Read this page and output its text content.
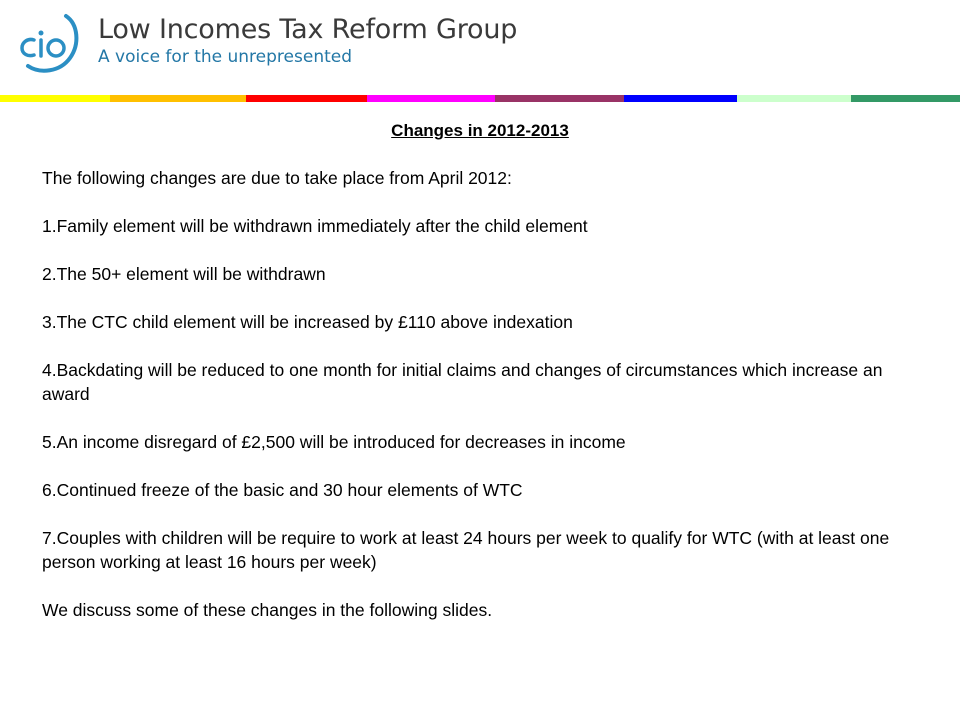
Low Incomes Tax Reform Group
A voice for the unrepresented
Changes in 2012-2013

The following changes are due to take place from April 2012:

1.Family element will be withdrawn immediately after the child element

2.The 50+ element will be withdrawn

3.The CTC child element will be increased by £110 above indexation

4.Backdating will be reduced to one month for initial claims and changes of circumstances which increase an award

5.An income disregard of £2,500 will be introduced for decreases in income

6.Continued freeze of the basic and 30 hour elements of WTC

7.Couples with children will be require to work at least 24 hours per week to qualify for WTC (with at least one person working at least 16 hours per week)

We discuss some of these changes in the following slides.
